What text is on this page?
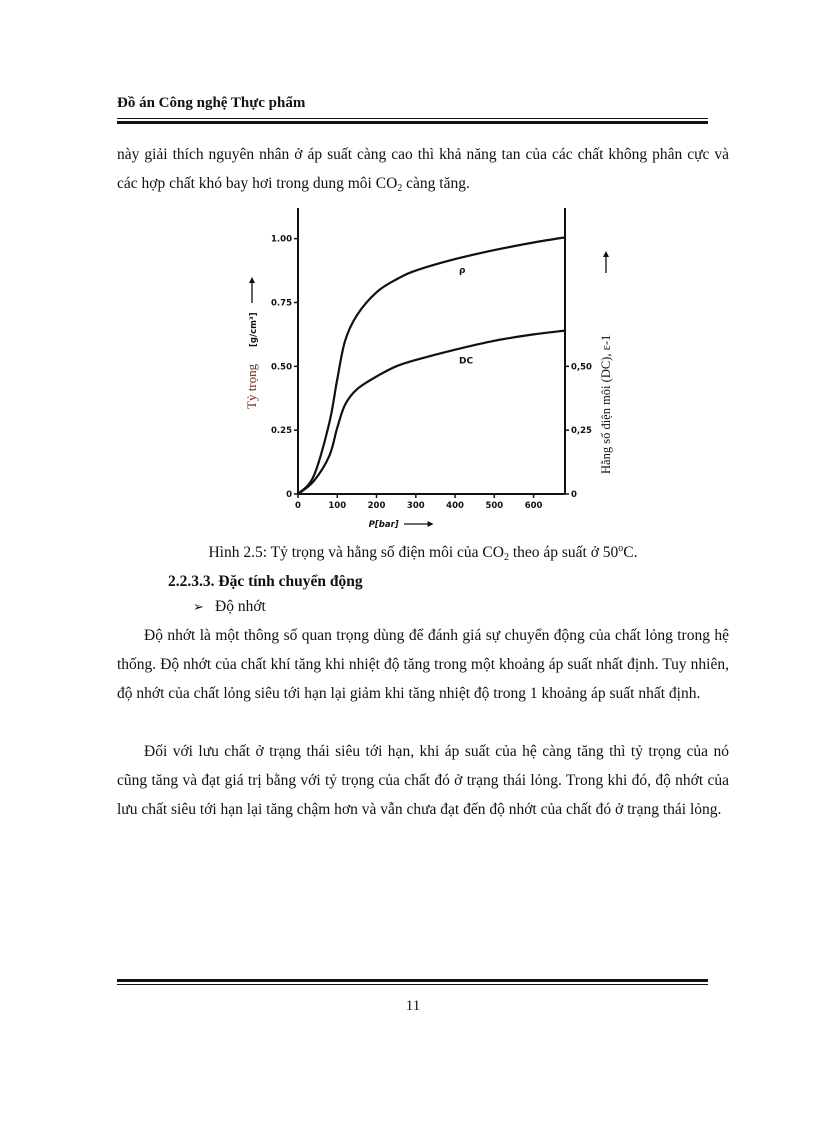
Đồ án Công nghệ Thực phẩm

này giải thích nguyên nhân ở áp suất càng cao thì khả năng tan của các chất không phân cực và các hợp chất khó bay hơi trong dung môi $CO_2$ càng tăng.

0	100	200	300	400	500	600
0
0.25
0.50
0.75
1.00
0
0,25
0,50
ρ
DC
P[bar]
Tỷ trọng
[g/cm³]
Hằng số điện môi (DC), ε-1
Hình 2.5: Tỷ trọng và hằng số điện môi của $CO_2$ theo áp suất ở 50$^o$C.
2.2.3.3. Đặc tính chuyển động
➢ Độ nhớt

Độ nhớt là một thông số quan trọng dùng để đánh giá sự chuyển động của chất lỏng trong hệ thống. Độ nhớt của chất khí tăng khi nhiệt độ tăng trong một khoảng áp suất nhất định. Tuy nhiên, độ nhớt của chất lỏng siêu tới hạn lại giảm khi tăng nhiệt độ trong 1 khoảng áp suất nhất định.

Đối với lưu chất ở trạng thái siêu tới hạn, khi áp suất của hệ càng tăng thì tỷ trọng của nó cũng tăng và đạt giá trị bằng với tỷ trọng của chất đó ở trạng thái lỏng. Trong khi đó, độ nhớt của lưu chất siêu tới hạn lại tăng chậm hơn và vẫn chưa đạt đến độ nhớt của chất đó ở trạng thái lỏng.

11
